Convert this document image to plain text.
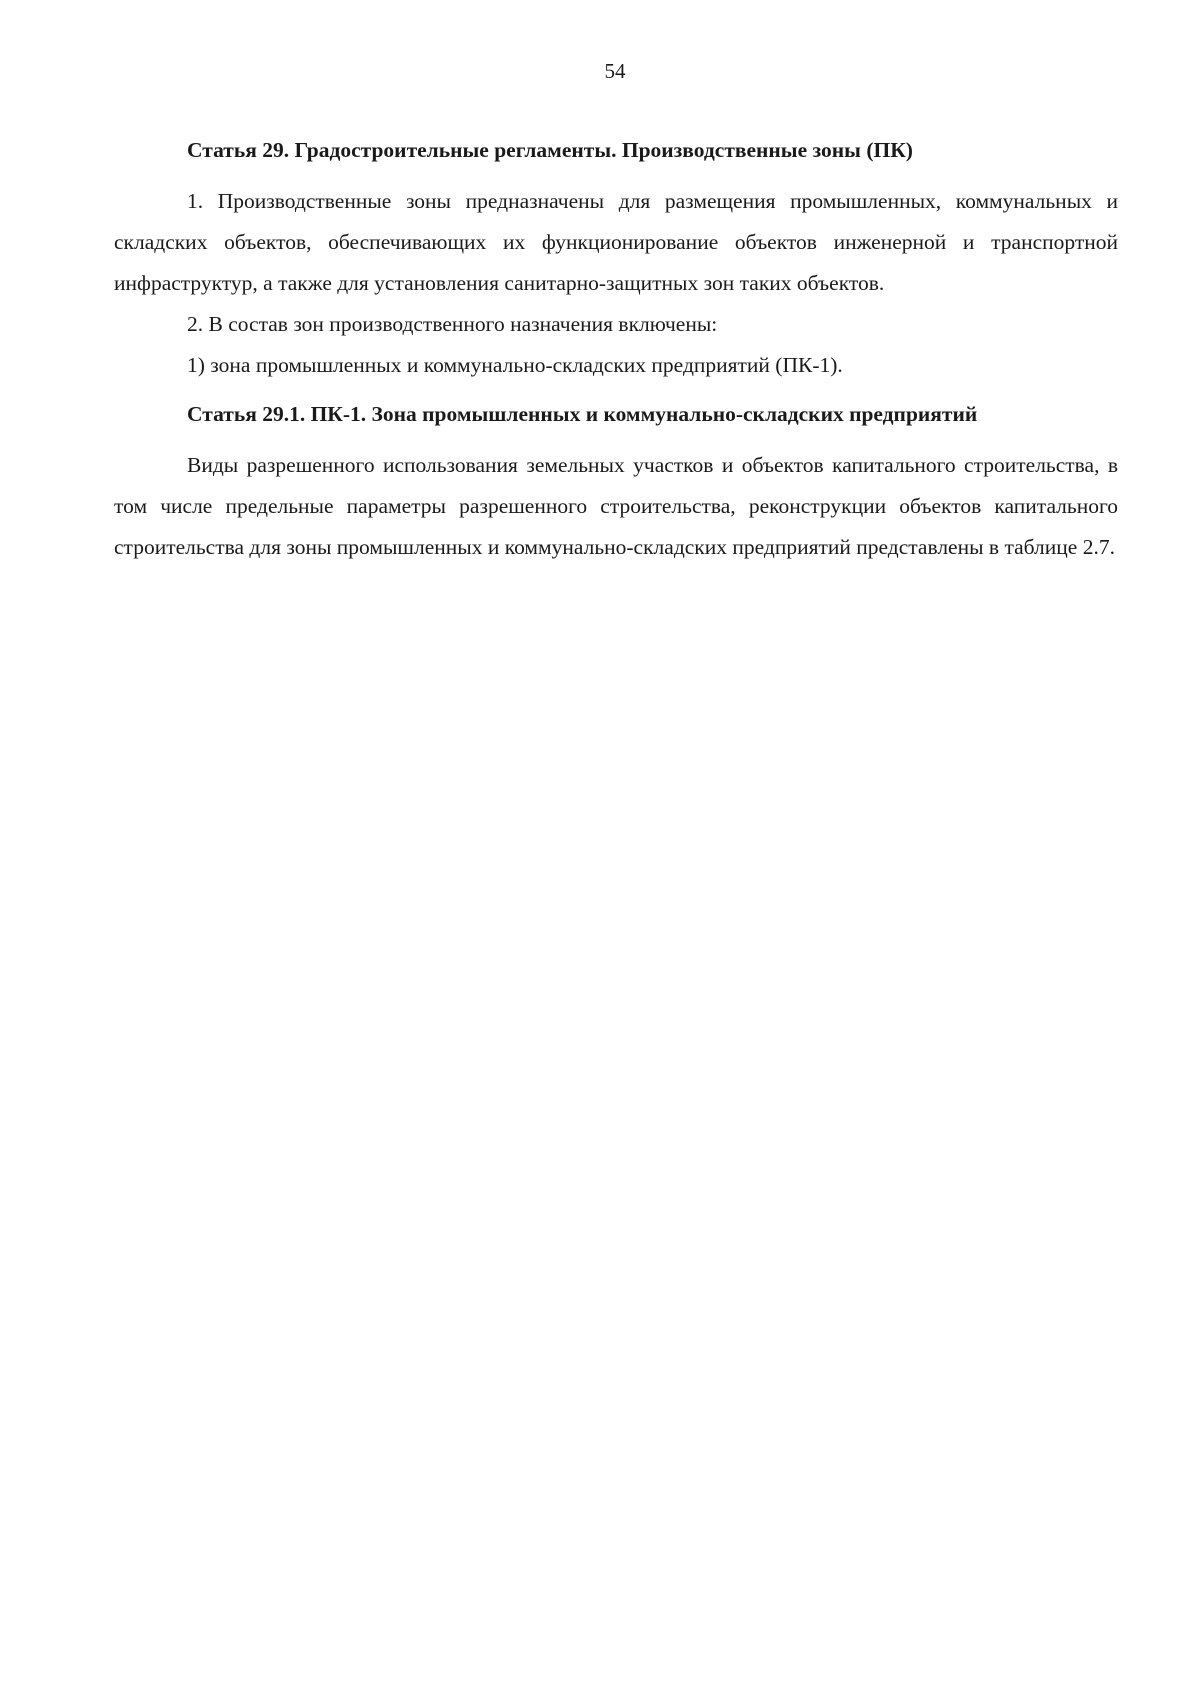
54

Статья 29. Градостроительные регламенты. Производственные зоны (ПК)

1. Производственные зоны предназначены для размещения промышленных, коммунальных и складских объектов, обеспечивающих их функционирование объектов инженерной и транспортной инфраструктур, а также для установления санитарно-защитных зон таких объектов.

2. В состав зон производственного назначения включены:

1) зона промышленных и коммунально-складских предприятий (ПК-1).

Статья 29.1. ПК-1. Зона промышленных и коммунально-складских предприятий

Виды разрешенного использования земельных участков и объектов капитального строительства, в том числе предельные параметры разрешенного строительства, реконструкции объектов капитального строительства для зоны промышленных и коммунально-складских предприятий представлены в таблице 2.7.
